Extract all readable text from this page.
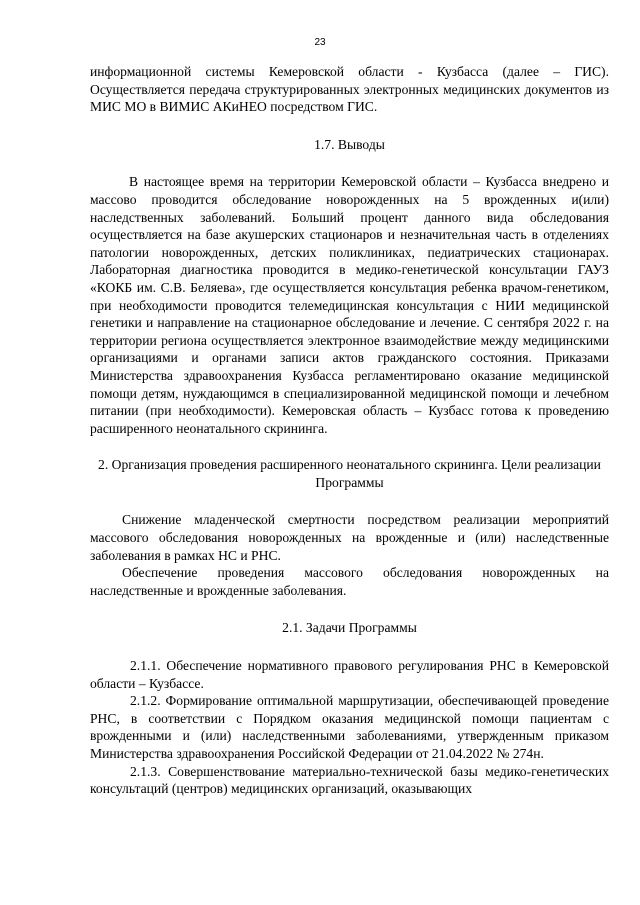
23

информационной системы Кемеровской области - Кузбасса (далее – ГИС). Осуществляется передача структурированных электронных медицинских документов из МИС МО в ВИМИС АКиНЕО посредством ГИС.

1.7. Выводы

В настоящее время на территории Кемеровской области – Кузбасса внедрено и массово проводится обследование новорожденных на 5 врожденных и(или) наследственных заболеваний. Больший процент данного вида обследования осуществляется на базе акушерских стационаров и незначительная часть в отделениях патологии новорожденных, детских поликлиниках, педиатрических стационарах. Лабораторная диагностика проводится в медико-генетической консультации ГАУЗ «КОКБ им. С.В. Беляева», где осуществляется консультация ребенка врачом-генетиком, при необходимости проводится телемедицинская консультация с НИИ медицинской генетики и направление на стационарное обследование и лечение. С сентября 2022 г. на территории региона осуществляется электронное взаимодействие между медицинскими организациями и органами записи актов гражданского состояния. Приказами Министерства здравоохранения Кузбасса регламентировано оказание медицинской помощи детям, нуждающимся в специализированной медицинской помощи и лечебном питании (при необходимости). Кемеровская область – Кузбасс готова к проведению расширенного неонатального скрининга.

2. Организация проведения расширенного неонатального скрининга. Цели реализации Программы

Снижение младенческой смертности посредством реализации мероприятий массового обследования новорожденных на врожденные и (или) наследственные заболевания в рамках НС и РНС.

Обеспечение проведения массового обследования новорожденных на наследственные и врожденные заболевания.

2.1. Задачи Программы

2.1.1. Обеспечение нормативного правового регулирования РНС в Кемеровской области – Кузбассе.

2.1.2. Формирование оптимальной маршрутизации, обеспечивающей проведение РНС, в соответствии с Порядком оказания медицинской помощи пациентам с врожденными и (или) наследственными заболеваниями, утвержденным приказом Министерства здравоохранения Российской Федерации от 21.04.2022 № 274н.

2.1.3. Совершенствование материально-технической базы медико-генетических консультаций (центров) медицинских организаций, оказывающих
